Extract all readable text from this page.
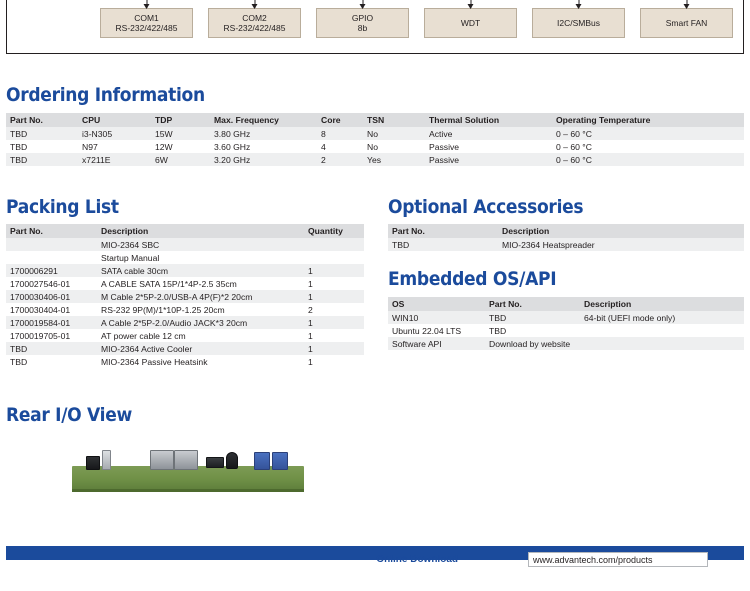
COM1
RS-232/422/485
COM2
RS-232/422/485
GPIO
8b	WDT	I2C/SMBus	Smart FAN
Ordering Information
Part No.	CPU	TDP	Max. Frequency	Core	TSN	Thermal Solution	Operating Temperature
TBD	i3-N305	15W	3.80 GHz	8	No	Active	0 – 60 °C
TBD	N97	12W	3.60 GHz	4	No	Passive	0 – 60 °C
TBD	x7211E	6W	3.20 GHz	2	Yes	Passive	0 – 60 °C
Packing List
Part No.	Description	Quantity
	MIO-2364 SBC	
	Startup Manual	
1700006291	SATA cable 30cm	1
1700027546-01	A CABLE SATA 15P/1*4P-2.5 35cm	1
1700030406-01	M Cable 2*5P-2.0/USB-A 4P(F)*2 20cm	1
1700030404-01	RS-232 9P(M)/1*10P-1.25 20cm	2
1700019584-01	A Cable 2*5P-2.0/Audio JACK*3 20cm	1
1700019705-01	AT power cable 12 cm	1
TBD	MIO-2364 Active Cooler	1
TBD	MIO-2364 Passive Heatsink	1
Optional Accessories
Part No.	Description
TBD	MIO-2364 Heatspreader
Embedded OS/API
OS	Part No.	Description
WIN10	TBD	64-bit (UEFI mode only)
Ubuntu 22.04 LTS	TBD	
Software API	Download by website	
Rear I/O View
Online Download	www.advantech.com/products
